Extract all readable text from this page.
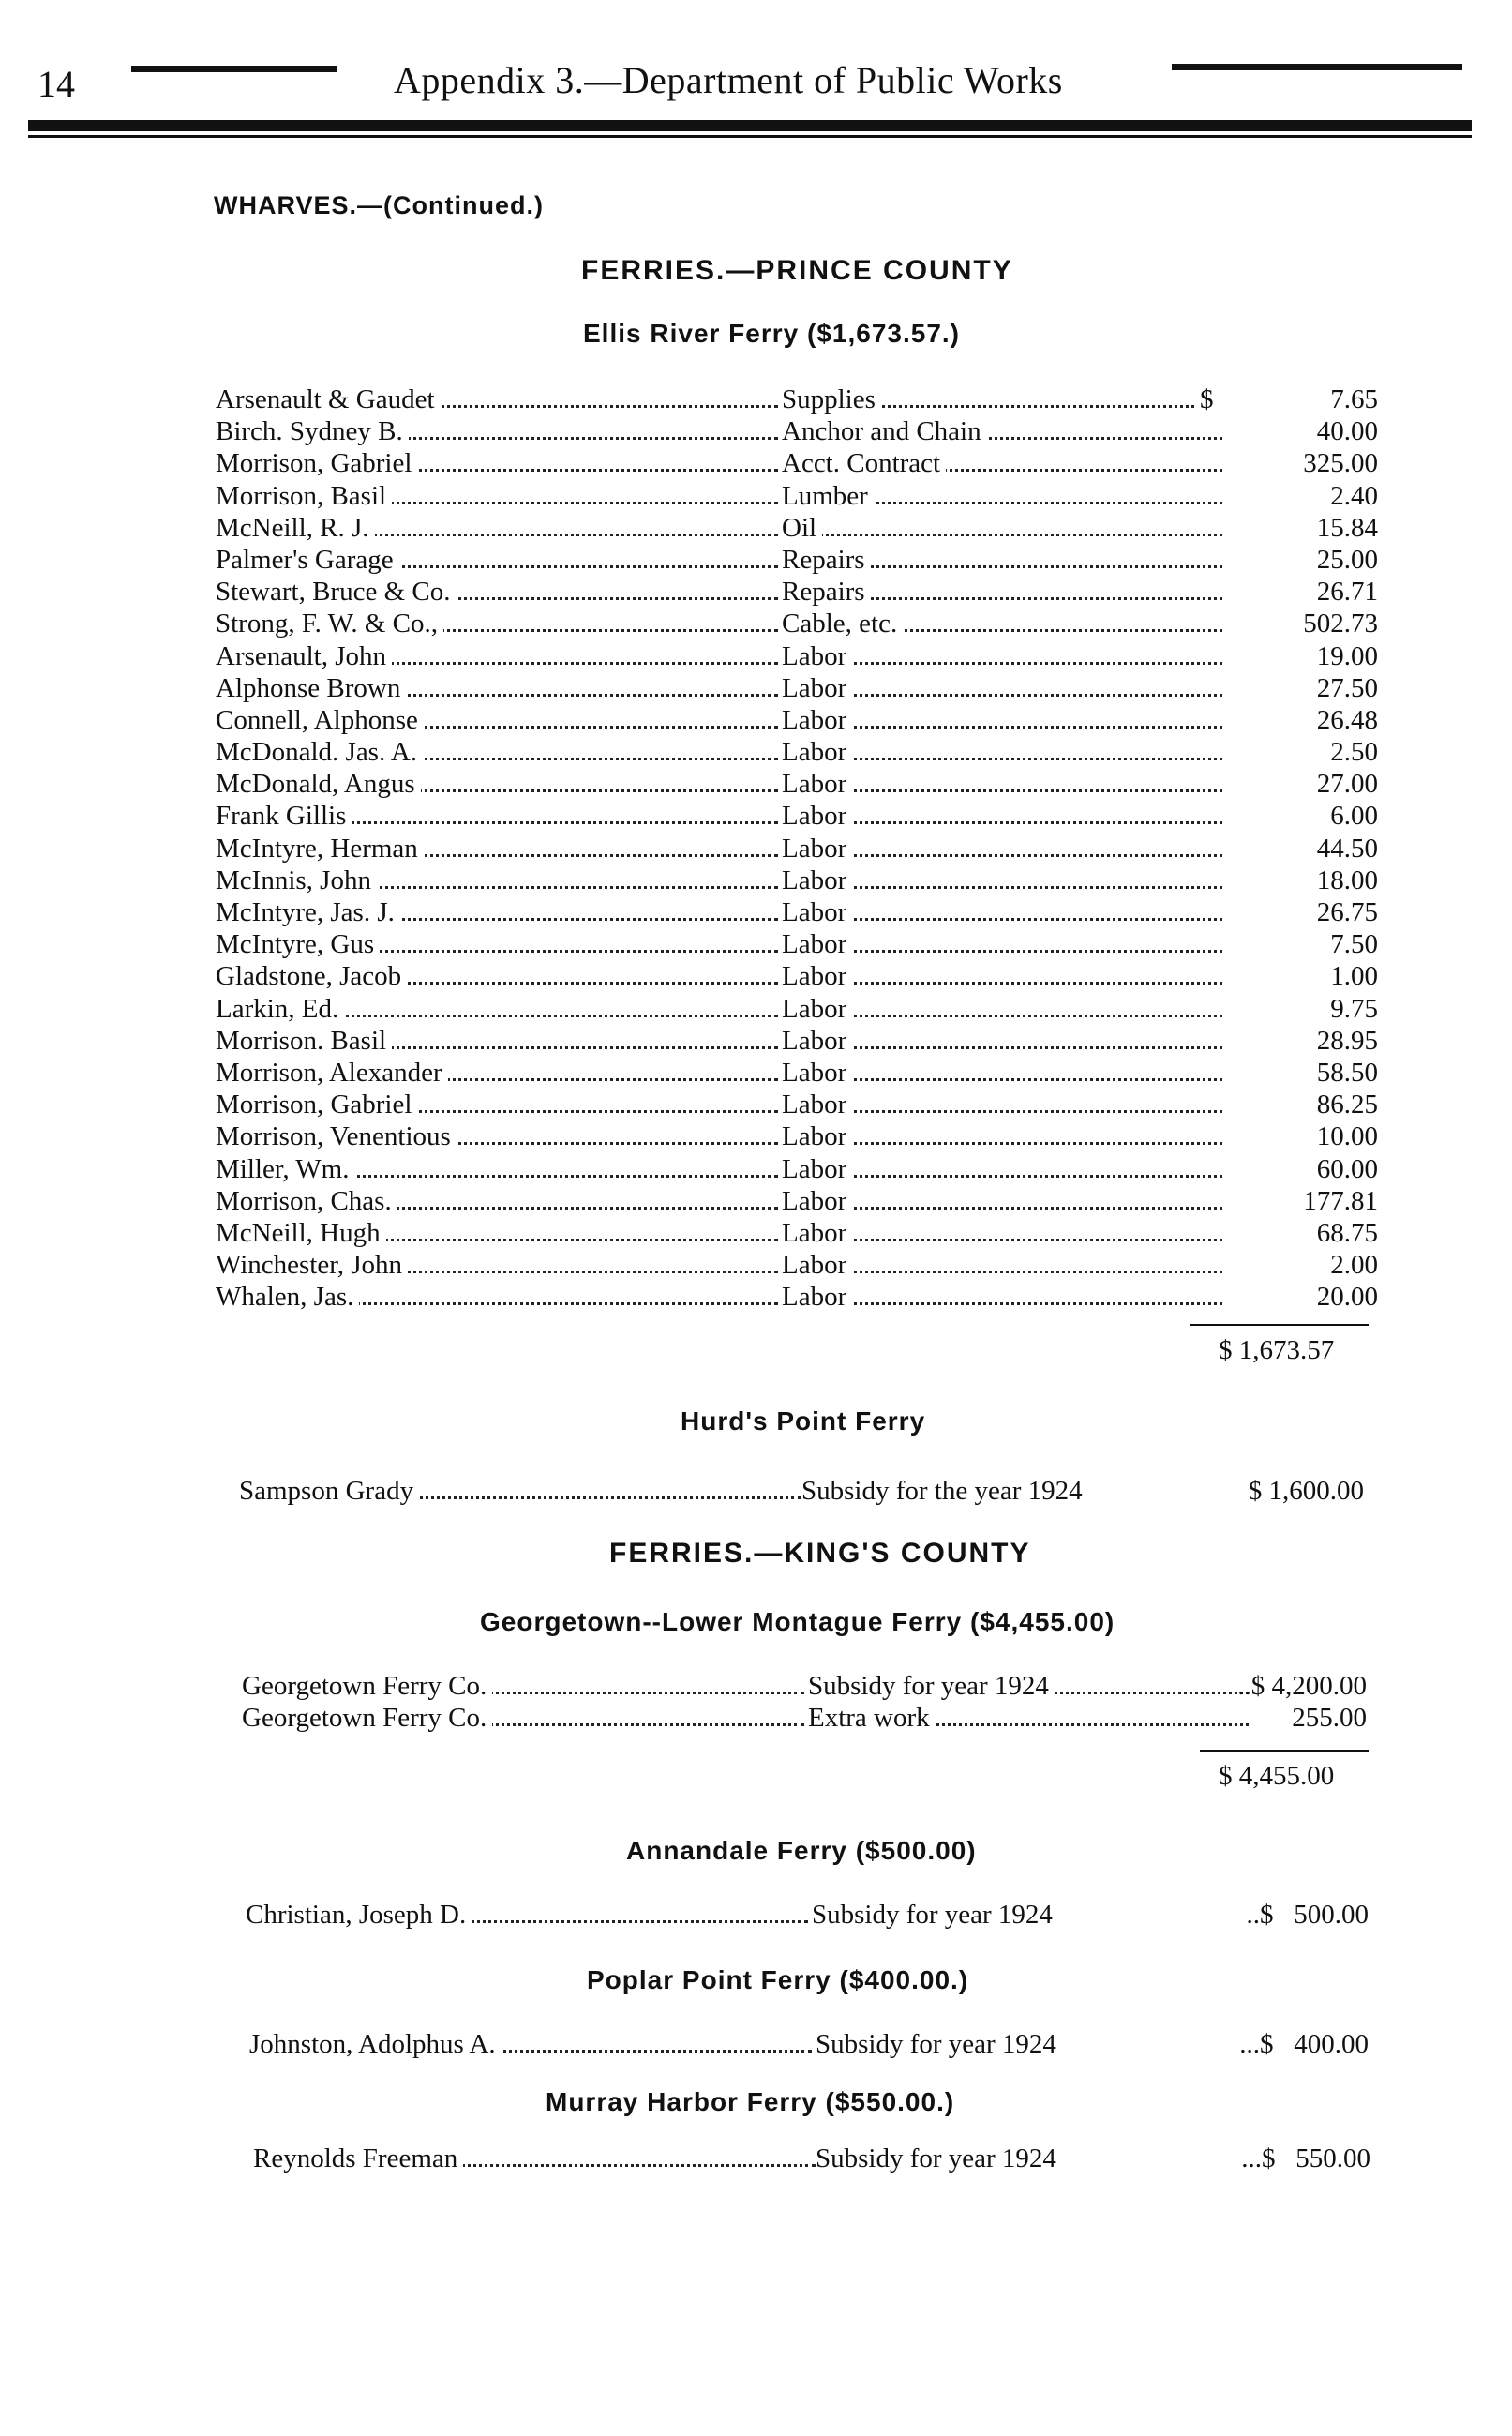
14	Appendix 3.—Department of Public Works
WHARVES.—(Continued.)
FERRIES.—PRINCE COUNTY
Ellis River Ferry ($1,673.57.)
Arsenault & Gaudet	Supplies	$	7.65
Birch. Sydney B.	Anchor and Chain	40.00
Morrison, Gabriel	Acct. Contract	325.00
Morrison, Basil	Lumber	2.40
McNeill, R. J.	Oil	15.84
Palmer's Garage	Repairs	25.00
Stewart, Bruce & Co.	Repairs	26.71
Strong, F. W. & Co.,	Cable, etc.	502.73
Arsenault, John	Labor	19.00
Alphonse Brown	Labor	27.50
Connell, Alphonse	Labor	26.48
McDonald. Jas. A.	Labor	2.50
McDonald, Angus	Labor	27.00
Frank Gillis	Labor	6.00
McIntyre, Herman	Labor	44.50
McInnis, John	Labor	18.00
McIntyre, Jas. J.	Labor	26.75
McIntyre, Gus	Labor	7.50
Gladstone, Jacob	Labor	1.00
Larkin, Ed.	Labor	9.75
Morrison. Basil	Labor	28.95
Morrison, Alexander	Labor	58.50
Morrison, Gabriel	Labor	86.25
Morrison, Venentious	Labor	10.00
Miller, Wm.	Labor	60.00
Morrison, Chas.	Labor	177.81
McNeill, Hugh	Labor	68.75
Winchester, John	Labor	2.00
Whalen, Jas.	Labor	20.00
$ 1,673.57
Hurd's Point Ferry
Sampson Grady	Subsidy for the year 1924	$ 1,600.00
FERRIES.—KING'S COUNTY
Georgetown--Lower Montague Ferry ($4,455.00)
Georgetown Ferry Co.	Subsidy for year 1924	..$ 4,200.00
Georgetown Ferry Co.	Extra work	255.00
$ 4,455.00
Annandale Ferry ($500.00)
Christian, Joseph D.	Subsidy for year 1924	..$   500.00
Poplar Point Ferry ($400.00.)
Johnston, Adolphus A.	Subsidy for year 1924	...$   400.00
Murray Harbor Ferry ($550.00.)
Reynolds Freeman	Subsidy for year 1924	...$   550.00
